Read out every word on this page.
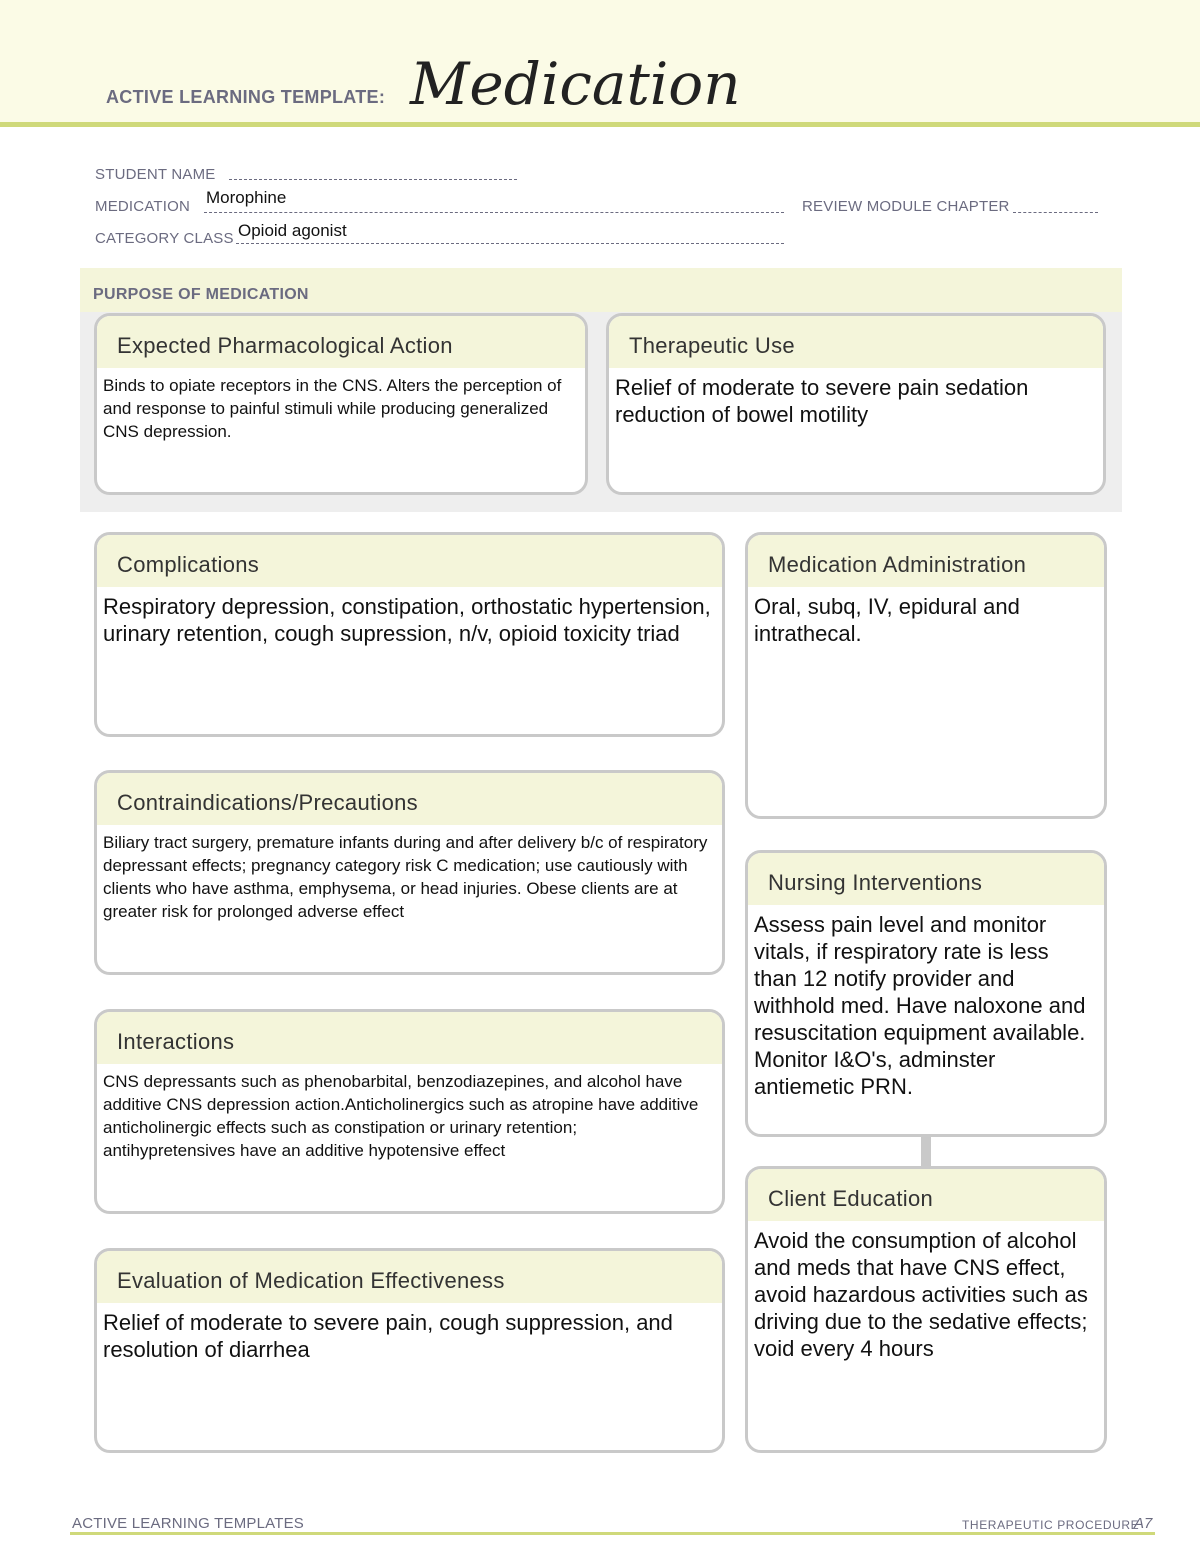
ACTIVE LEARNING TEMPLATE: Medication
STUDENT NAME
MEDICATION Morophine	REVIEW MODULE CHAPTER
CATEGORY CLASS Opioid agonist
PURPOSE OF MEDICATION
Expected Pharmacological Action
Binds to opiate receptors in the CNS. Alters the perception of and response to painful stimuli while producing generalized CNS depression.
Therapeutic Use
Relief of moderate to severe pain sedation reduction of bowel motility
Complications
Respiratory depression, constipation, orthostatic hypertension, urinary retention, cough supression, n/v, opioid toxicity triad
Contraindications/Precautions
Biliary tract surgery, premature infants during and after delivery b/c of respiratory depressant effects; pregnancy category risk C medication; use cautiously with clients who have asthma, emphysema, or head injuries. Obese clients are at greater risk for prolonged adverse effect
Interactions
CNS depressants such as phenobarbital, benzodiazepines, and alcohol have additive CNS depression action.Anticholinergics such as atropine have additive anticholinergic effects such as constipation or urinary retention; antihypretensives have an additive hypotensive effect
Evaluation of Medication Effectiveness
Relief of moderate to severe pain, cough suppression, and resolution of diarrhea
Medication Administration
Oral, subq, IV, epidural and intrathecal.
Nursing Interventions
Assess pain level and monitor vitals, if respiratory rate is less than 12 notify provider and withhold med. Have naloxone and resuscitation equipment available. Monitor I&O's, adminster antiemetic PRN.
Client Education
Avoid the consumption of alcohol and meds that have CNS effect, avoid hazardous activities such as driving due to the sedative effects; void every 4 hours
ACTIVE LEARNING TEMPLATES	THERAPEUTIC PROCEDURE
A7
